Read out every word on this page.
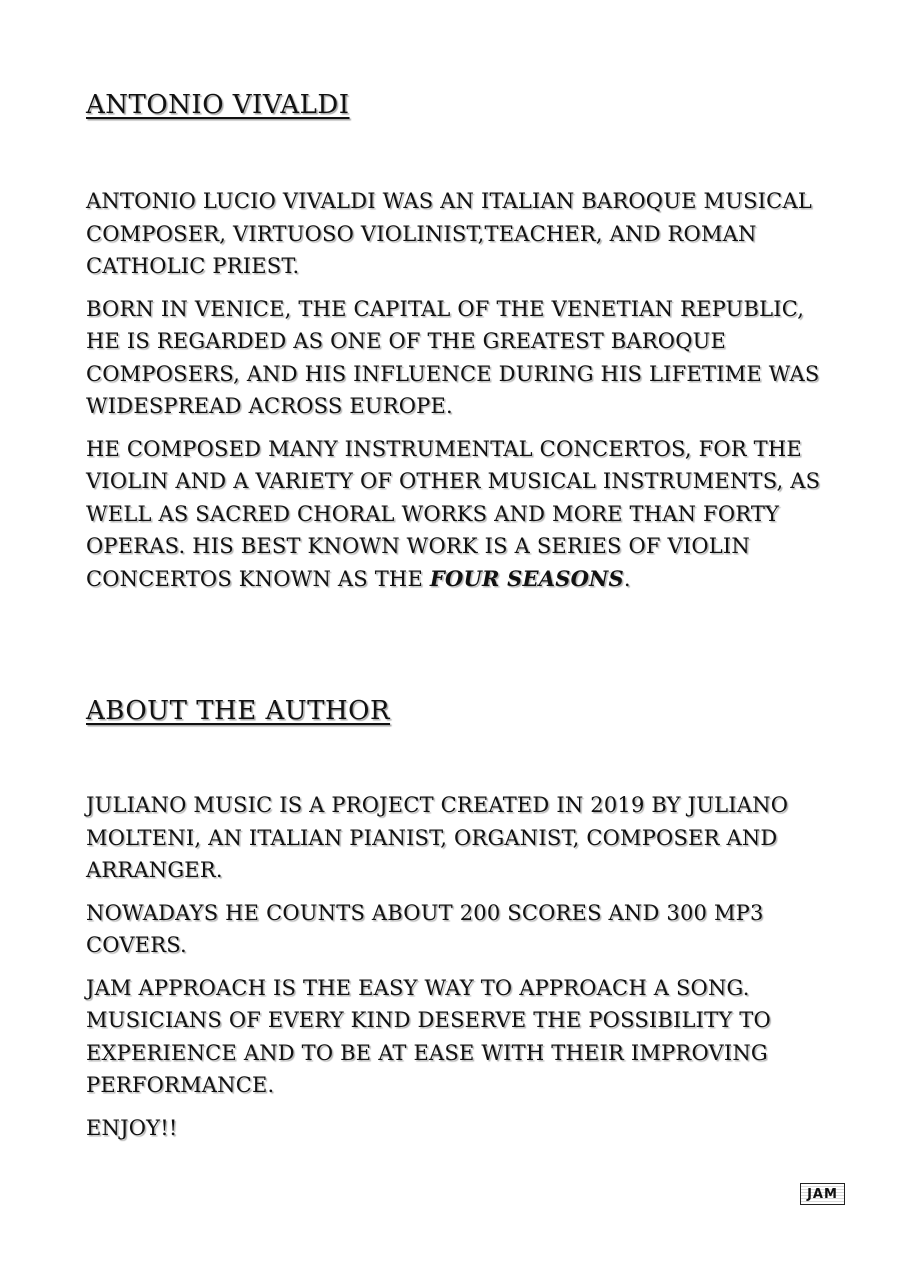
ANTONIO VIVALDI

ANTONIO LUCIO VIVALDI WAS AN ITALIAN BAROQUE MUSICAL COMPOSER, VIRTUOSO VIOLINIST,TEACHER, AND ROMAN CATHOLIC PRIEST.

BORN IN VENICE, THE CAPITAL OF THE VENETIAN REPUBLIC, HE IS REGARDED AS ONE OF THE GREATEST BAROQUE COMPOSERS, AND HIS INFLUENCE DURING HIS LIFETIME WAS WIDESPREAD ACROSS EUROPE.

HE COMPOSED MANY INSTRUMENTAL CONCERTOS, FOR THE VIOLIN AND A VARIETY OF OTHER MUSICAL INSTRUMENTS, AS WELL AS SACRED CHORAL WORKS AND MORE THAN FORTY OPERAS. HIS BEST KNOWN WORK IS A SERIES OF VIOLIN CONCERTOS KNOWN AS THE FOUR SEASONS.

ABOUT THE AUTHOR

JULIANO MUSIC IS A PROJECT CREATED IN 2019 BY JULIANO MOLTENI, AN ITALIAN PIANIST, ORGANIST, COMPOSER AND ARRANGER.

NOWADAYS HE COUNTS ABOUT 200 SCORES AND 300 MP3 COVERS.

JAM APPROACH IS THE EASY WAY TO APPROACH A SONG. MUSICIANS OF EVERY KIND DESERVE THE POSSIBILITY TO EXPERIENCE AND TO BE AT EASE WITH THEIR IMPROVING PERFORMANCE.

ENJOY!!

JAM
